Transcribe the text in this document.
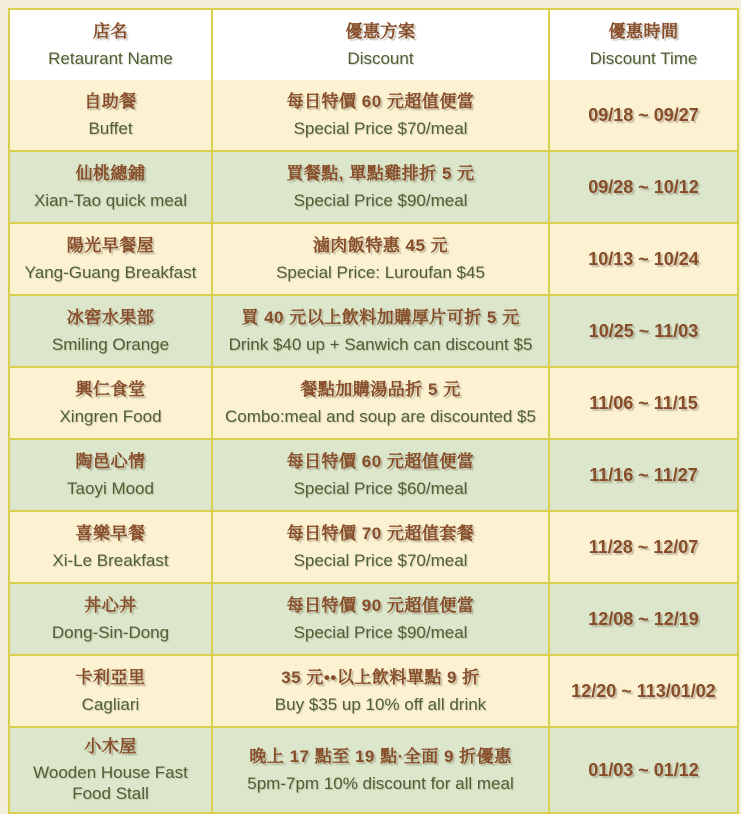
店名
Retaurant Name
優惠方案
Discount
優惠時間
Discount Time
自助餐
Buffet
每日特價 60 元超值便當
Special Price $70/meal
09/18 ~ 09/27
仙桃總鋪
Xian-Tao quick meal
買餐點, 單點雞排折 5 元
Special Price $90/meal
09/28 ~ 10/12
陽光早餐屋
Yang-Guang Breakfast
滷肉飯特惠 45 元
Special Price: Luroufan $45
10/13 ~ 10/24
冰窖水果部
Smiling Orange
買 40 元以上飲料加購厚片可折 5 元
Drink $40 up + Sanwich can discount $5
10/25 ~ 11/03
興仁食堂
Xingren Food
餐點加購湯品折 5 元
Combo:meal and soup are discounted $5
11/06 ~ 11/15
陶邑心情
Taoyi Mood
每日特價 60 元超值便當
Special Price $60/meal
11/16 ~ 11/27
喜樂早餐
Xi-Le Breakfast
每日特價 70 元超值套餐
Special Price $70/meal
11/28 ~ 12/07
丼心丼
Dong-Sin-Dong
每日特價 90 元超值便當
Special Price $90/meal
12/08 ~ 12/19
卡利亞里
Cagliari
35 元••以上飲料單點 9 折
Buy $35 up 10% off all drink
12/20 ~ 113/01/02
小木屋
Wooden House Fast Food Stall
晚上 17 點至 19 點·全面 9 折優惠
5pm-7pm 10% discount for all meal
01/03 ~ 01/12
